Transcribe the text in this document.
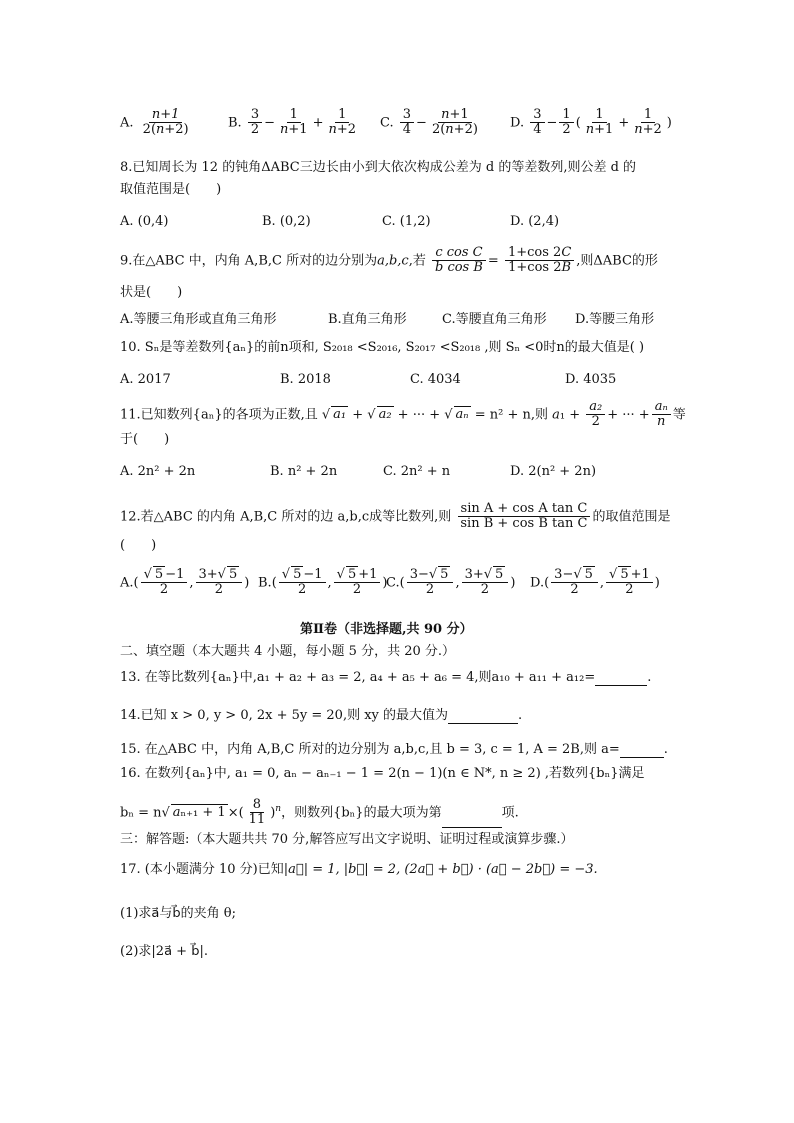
A. $\frac{n+1}{2(n+2)}$	B. $\frac{3}{2} - \frac{1}{n+1} + \frac{1}{n+2} C$. $\frac{3}{4} - \frac{n+1}{2(n+2)} D$. $\frac{3}{4} - \frac{1}{2}$ ( $\frac{1}{n+1} + \frac{1}{n+2}$ )
8.已知周长为 12 的钝角ΔABC三边长由小到大依次构成公差为 d 的等差数列,则公差 d 的
取值范围是(　　)
A. (0,4)	B. (0,2)	C. (1,2)	D. (2,4)
9.在△ABC 中，内角 A,B,C 所对的边分别为a,b,c,若 $\frac{\text{c cos C}}{\text{b cos B}} = \frac{1+\cos 2C}{1+\cos 2B}$ ,则ΔABC的形
状是(　　)
A.等腰三角形或直角三角形	B.直角三角形	C.等腰直角三角形 D.等腰三角形
10. Sₙ是等差数列{aₙ}的前n项和, S₂₀₁₈ <S₂₀₁₆, S₂₀₁₇ <S₂₀₁₈ ,则 Sₙ <0时n的最大值是( )
A. 2017	B. 2018	C. 4034	D. 4035
11.已知数列{aₙ}的各项为正数,且 √ a₁ + √ a₂ + ··· + √ aₙ = n² + n,则 $a_1 + \frac{\text{a₂}}{2}$ + ··· + $\frac{\text{aₙ}}{n}$ 等
于(　　)
A. 2n² + 2n	B. n² + 2n	C. 2n² + n	D. 2(n² + 2n)
12.若△ABC 的内角 A,B,C 所对的边 a,b,c成等比数列,则 $\frac{\text{sin A + cos A tan C}}{\text{sin B + cos B tan C}}$ 的取值范围是
(　　)
$A.( \frac{√ 5 -1}{2}$ , $\frac{3+√ 5}{2}$ ) $B.( \frac{√ 5 -1}{2}$ , $\frac{√ 5 +1}{2}$ )
$C.( \frac{3-√ 5}{2}$ , $\frac{3+√ 5}{2}$ ) $D.( \frac{3-√ 5}{2}$ , $\frac{√ 5 +1}{2}$ )
第Ⅱ卷（非选择题,共 90 分）
二、填空题（本大题共 4 小题，每小题 5 分，共 20 分.）
13. 在等比数列{aₙ}中,a₁ + a₂ + a₃ = 2, a₄ + a₅ + a₆ = 4,则a₁₀ + a₁₁ + a₁₂=	.
14.已知 x > 0, y > 0, 2x + 5y = 20,则 xy 的最大值为	.
15. 在△ABC 中，内角 A,B,C 所对的边分别为 a,b,c,且 b = 3, c = 1, A = 2B,则 a=	.
16. 在数列{aₙ}中, a₁ = 0, aₙ − aₙ₋₁ − 1 = 2(n − 1)(n ∈ N*, n ≥ 2) ,若数列{bₙ}满足
bₙ = n√ aₙ₊₁ + 1 ×( $\frac{8}{11} )^n$，则数列{bₙ}的最大项为第	项.
三：解答题:（本大题共共 70 分,解答应写出文字说明、证明过程或演算步骤.）
17. (本小题满分 10 分)已知|a⃗| = 1, |b⃗| = 2, (2a⃗ + b⃗) · (a⃗ − 2b⃗) = −3.
(1)求a⃗与b⃗的夹角 θ;
(2)求|2a⃗ + b⃗|.
